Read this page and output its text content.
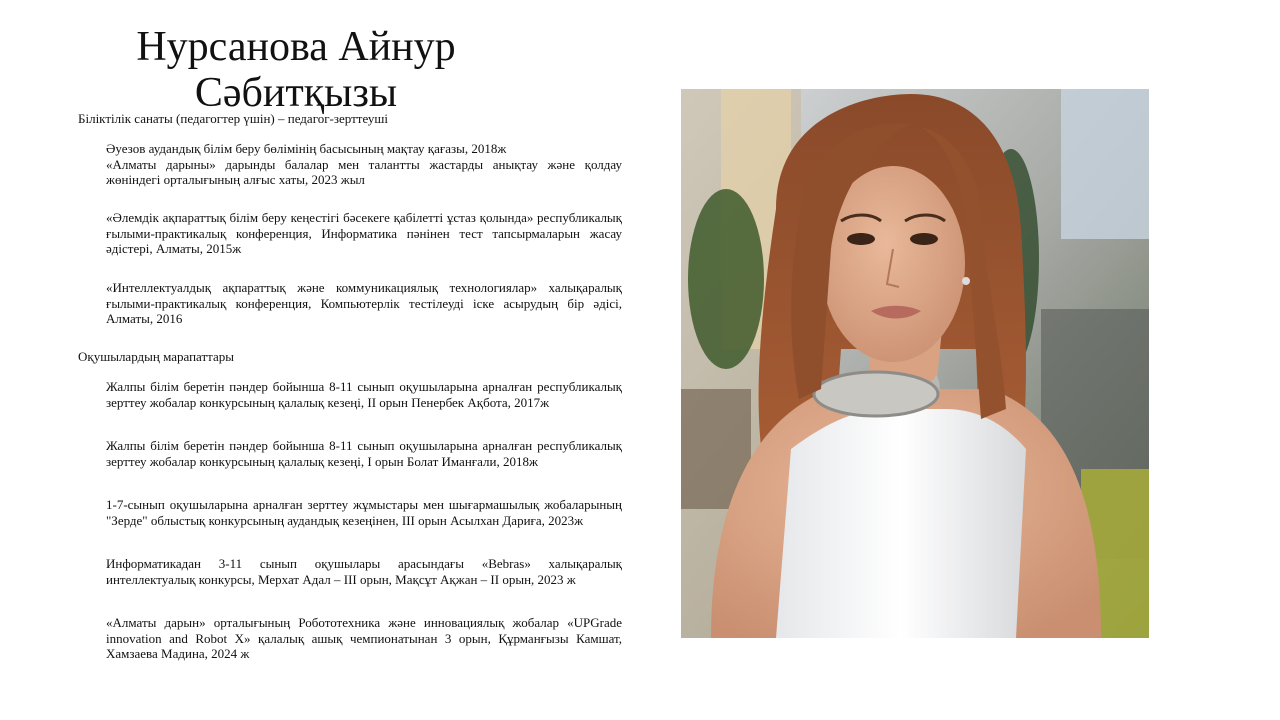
Нурсанова Айнур
Сәбитқызы

Біліктілік санаты (педагогтер үшін) – педагог-зерттеуші

Әуезов аудандық білім беру бөлімінің басысының мақтау қағазы, 2018ж
«Алматы дарыны» дарынды балалар мен талантты жастарды анықтау және қолдау жөніндегі орталығының алғыс хаты, 2023 жыл

«Әлемдік ақпараттық білім беру кеңестігі бәсекеге қабілетті ұстаз қолында» республикалық ғылыми-практикалық конференция, Информатика пәнінен тест тапсырмаларын жасау әдістері, Алматы, 2015ж

«Интеллектуалдық ақпараттық және коммуникациялық технологиялар» халықаралық ғылыми-практикалық конференция, Компьютерлік тестілеуді іске асырудың бір әдісі, Алматы, 2016

Оқушылардың марапаттары

Жалпы білім беретін пәндер бойынша 8-11 сынып оқушыларына арналған республикалық зерттеу жобалар конкурсының қалалық кезеңі, ІІ орын Пенербек Ақбота, 2017ж

Жалпы білім беретін пәндер бойынша 8-11 сынып оқушыларына арналған республикалық зерттеу жобалар конкурсының қалалық кезеңі, І орын Болат Иманғали, 2018ж

1-7-сынып оқушыларына арналған зерттеу жұмыстары мен шығармашылық жобаларының "Зерде" облыстық конкурсының аудандық кезеңінен, ІІІ орын Асылхан Дариға, 2023ж

Информатикадан 3-11 сынып оқушылары арасындағы «Bebras» халықаралық интеллектуалық конкурсы, Мерхат Адал – ІІІ орын, Мақсұт Ақжан – ІІ орын, 2023 ж

«Алматы дарын» орталығының Робототехника және инновациялық жобалар «UPGrade innovation and Robot X» қалалық ашық чемпионатынан 3 орын, Құрманғызы Камшат, Хамзаева Мадина, 2024 ж
